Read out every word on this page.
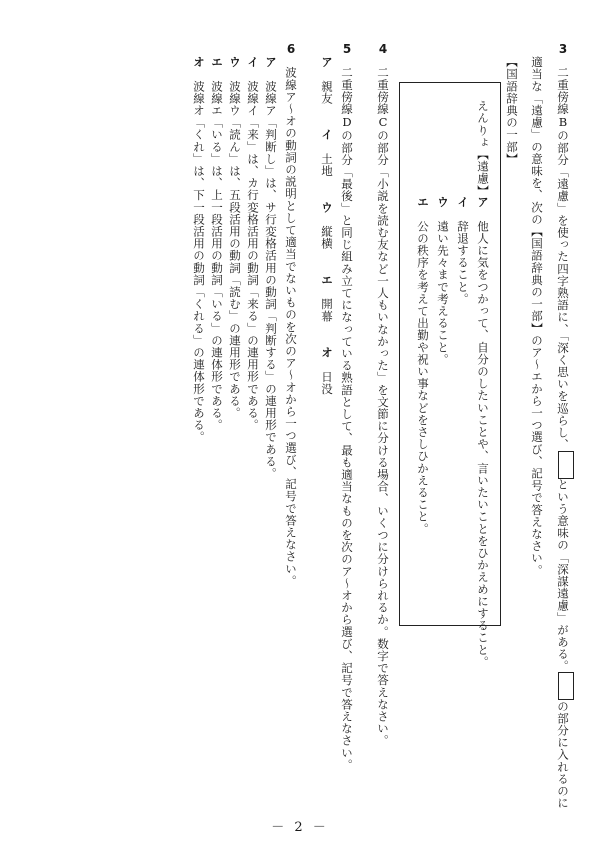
3二重傍線Bの部分「遠慮」を使った四字熟語に、「深く思いを巡らし、という意味の「深謀遠慮」がある。の部分に入れるのに
適当な「遠慮」の意味を、次の【国語辞典の一部】のア〜エから一つ選び、記号で答えなさい。
【国語辞典の一部】
えんりょ【遠慮】
ア　他人に気をつかって、自分のしたいことや、言いたいことをひかえめにすること。
イ　辞退すること。
ウ　遠い先々まで考えること。
エ　公の秩序を考えて出勤や祝い事などをさしひかえること。
4二重傍線Cの部分「小説を読む友など一人もいなかった」を文節に分ける場合、いくつに分けられるか。数字で答えなさい。
5二重傍線Dの部分「最後」と同じ組み立てになっている熟語として、最も適当なものを次のア〜オから選び、記号で答えなさい。
ア　親友　　イ　土地　　ウ　縦横　　エ　開幕　　オ　日没
6波線ア〜オの動詞の説明として適当でないものを次のア〜オから一つ選び、記号で答えなさい。
ア　波線ア「判断し」は、サ行変格活用の動詞「判断する」の連用形である。
イ　波線イ「来」は、カ行変格活用の動詞「来る」の連用形である。
ウ　波線ウ「読ん」は、五段活用の動詞「読む」の連用形である。
エ　波線エ「いる」は、上一段活用の動詞「いる」の連体形である。
オ　波線オ「くれ」は、下一段活用の動詞「くれる」の連体形である。
－ 2 －
